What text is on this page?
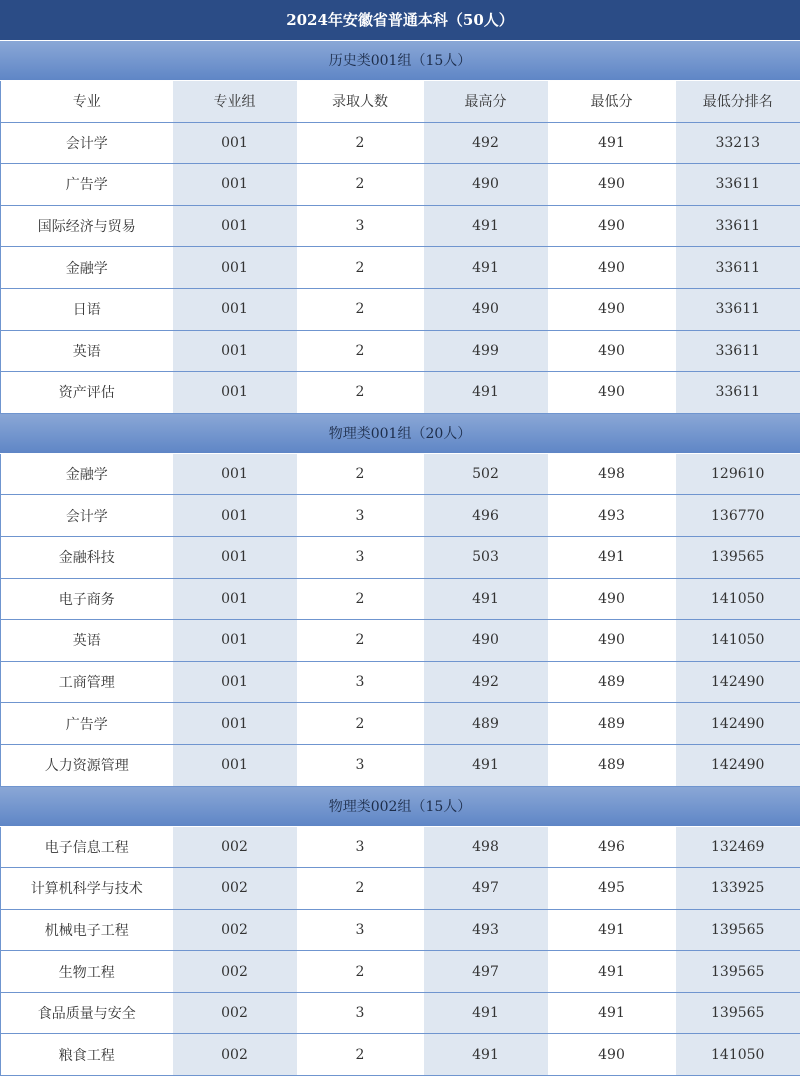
2024年安徽省普通本科（50人）
历史类001组（15人）
专业	专业组	录取人数	最高分	最低分	最低分排名
会计学	001	2	492	491	33213
广告学	001	2	490	490	33611
国际经济与贸易	001	3	491	490	33611
金融学	001	2	491	490	33611
日语	001	2	490	490	33611
英语	001	2	499	490	33611
资产评估	001	2	491	490	33611
物理类001组（20人）
金融学	001	2	502	498	129610
会计学	001	3	496	493	136770
金融科技	001	3	503	491	139565
电子商务	001	2	491	490	141050
英语	001	2	490	490	141050
工商管理	001	3	492	489	142490
广告学	001	2	489	489	142490
人力资源管理	001	3	491	489	142490
物理类002组（15人）
电子信息工程	002	3	498	496	132469
计算机科学与技术	002	2	497	495	133925
机械电子工程	002	3	493	491	139565
生物工程	002	2	497	491	139565
食品质量与安全	002	3	491	491	139565
粮食工程	002	2	491	490	141050
